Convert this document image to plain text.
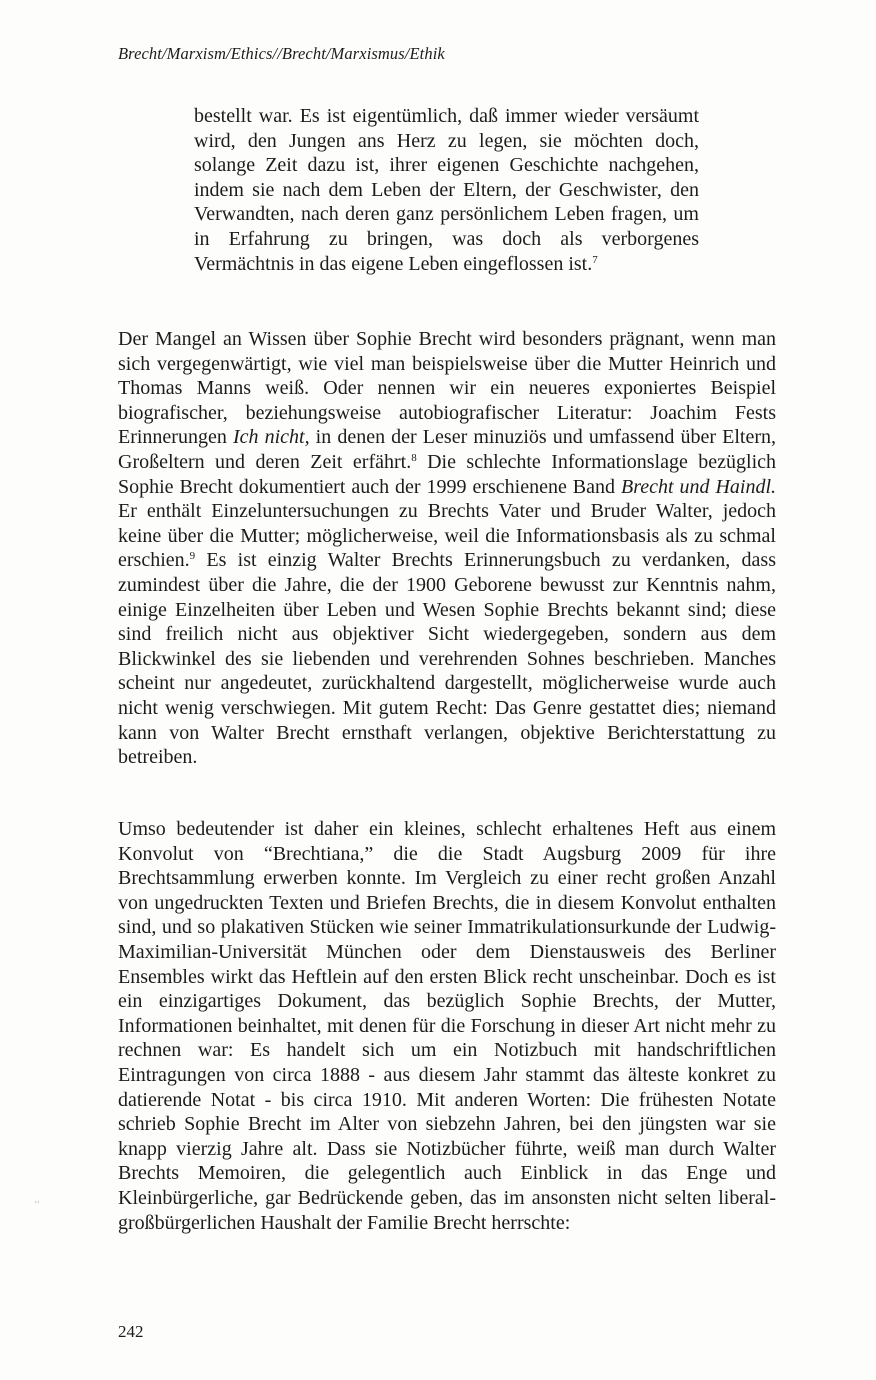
Brecht/Marxism/Ethics//Brecht/Marxismus/Ethik
bestellt war. Es ist eigentümlich, daß immer wieder versäumt wird, den Jungen ans Herz zu legen, sie möchten doch, solange Zeit dazu ist, ihrer eigenen Geschichte nachgehen, indem sie nach dem Leben der Eltern, der Geschwister, den Verwandten, nach deren ganz persönlichem Leben fragen, um in Erfahrung zu bringen, was doch als verborgenes Vermächtnis in das eigene Leben eingeflossen ist.$^7$
Der Mangel an Wissen über Sophie Brecht wird besonders prägnant, wenn man sich vergegenwärtigt, wie viel man beispielsweise über die Mutter Heinrich und Thomas Manns weiß. Oder nennen wir ein neueres exponiertes Beispiel biografischer, beziehungsweise autobiografischer Literatur: Joachim Fests Erinnerungen Ich nicht, in denen der Leser minuziös und umfassend über Eltern, Großeltern und deren Zeit erfährt.$^8$ Die schlechte Informationslage bezüglich Sophie Brecht dokumentiert auch der 1999 erschienene Band Brecht und Haindl. Er enthält Einzeluntersuchungen zu Brechts Vater und Bruder Walter, jedoch keine über die Mutter; möglicherweise, weil die Informationsbasis als zu schmal erschien.$^9$ Es ist einzig Walter Brechts Erinnerungsbuch zu verdanken, dass zumindest über die Jahre, die der 1900 Geborene bewusst zur Kenntnis nahm, einige Einzelheiten über Leben und Wesen Sophie Brechts bekannt sind; diese sind freilich nicht aus objektiver Sicht wiedergegeben, sondern aus dem Blickwinkel des sie liebenden und verehrenden Sohnes beschrieben. Manches scheint nur angedeutet, zurückhaltend dargestellt, möglicherweise wurde auch nicht wenig verschwiegen. Mit gutem Recht: Das Genre gestattet dies; niemand kann von Walter Brecht ernsthaft verlangen, objektive Berichterstattung zu betreiben.
Umso bedeutender ist daher ein kleines, schlecht erhaltenes Heft aus einem Konvolut von “Brechtiana,” die die Stadt Augsburg 2009 für ihre Brechtsammlung erwerben konnte. Im Vergleich zu einer recht großen Anzahl von ungedruckten Texten und Briefen Brechts, die in diesem Konvolut enthalten sind, und so plakativen Stücken wie seiner Immatrikulationsurkunde der Ludwig-Maximilian-Universität München oder dem Dienstausweis des Berliner Ensembles wirkt das Heftlein auf den ersten Blick recht unscheinbar. Doch es ist ein einzigartiges Dokument, das bezüglich Sophie Brechts, der Mutter, Informationen beinhaltet, mit denen für die Forschung in dieser Art nicht mehr zu rechnen war: Es handelt sich um ein Notizbuch mit handschriftlichen Eintragungen von circa 1888 - aus diesem Jahr stammt das älteste konkret zu datierende Notat - bis circa 1910. Mit anderen Worten: Die frühesten Notate schrieb Sophie Brecht im Alter von siebzehn Jahren, bei den jüngsten war sie knapp vierzig Jahre alt. Dass sie Notizbücher führte, weiß man durch Walter Brechts Memoiren, die gelegentlich auch Einblick in das Enge und Kleinbürgerliche, gar Bedrückende geben, das im ansonsten nicht selten liberal-großbürgerlichen Haushalt der Familie Brecht herrschte:
’′
242
